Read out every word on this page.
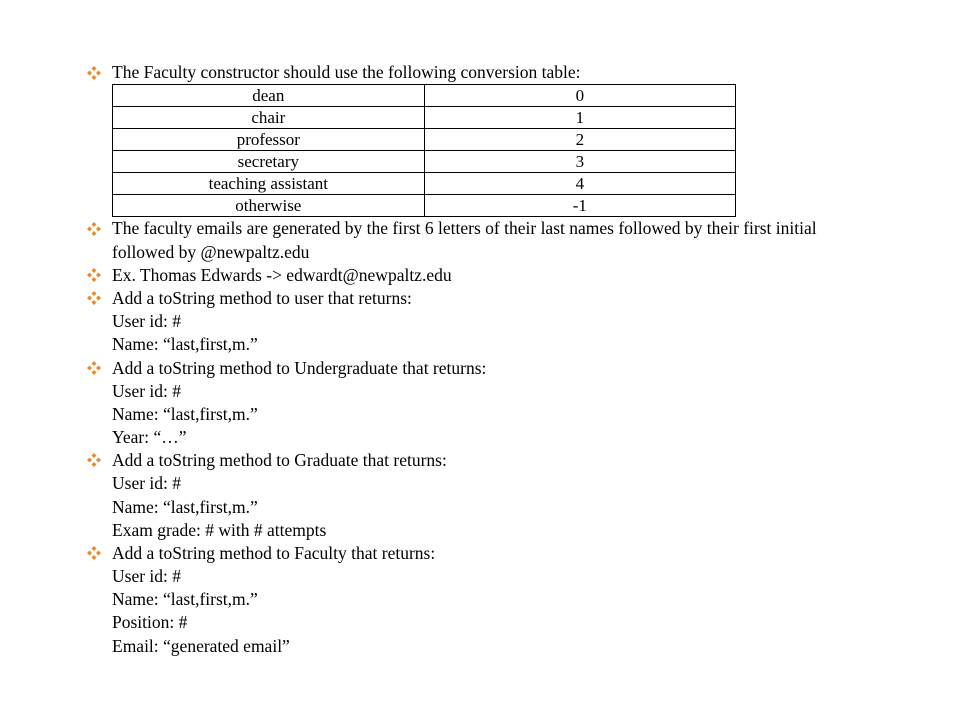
The Faculty constructor should use the following conversion table:
dean	0
chair	1
professor	2
secretary	3
teaching assistant	4
otherwise	-1
The faculty emails are generated by the first 6 letters of their last names followed by their first initial
followed by @newpaltz.edu
Ex. Thomas Edwards -> edwardt@newpaltz.edu
Add a toString method to user that returns:
User id: #
Name: “last,first,m.”
Add a toString method to Undergraduate that returns:
User id: #
Name: “last,first,m.”
Year: “…”
Add a toString method to Graduate that returns:
User id: #
Name: “last,first,m.”
Exam grade: # with # attempts
Add a toString method to Faculty that returns:
User id: #
Name: “last,first,m.”
Position: #
Email: “generated email”
